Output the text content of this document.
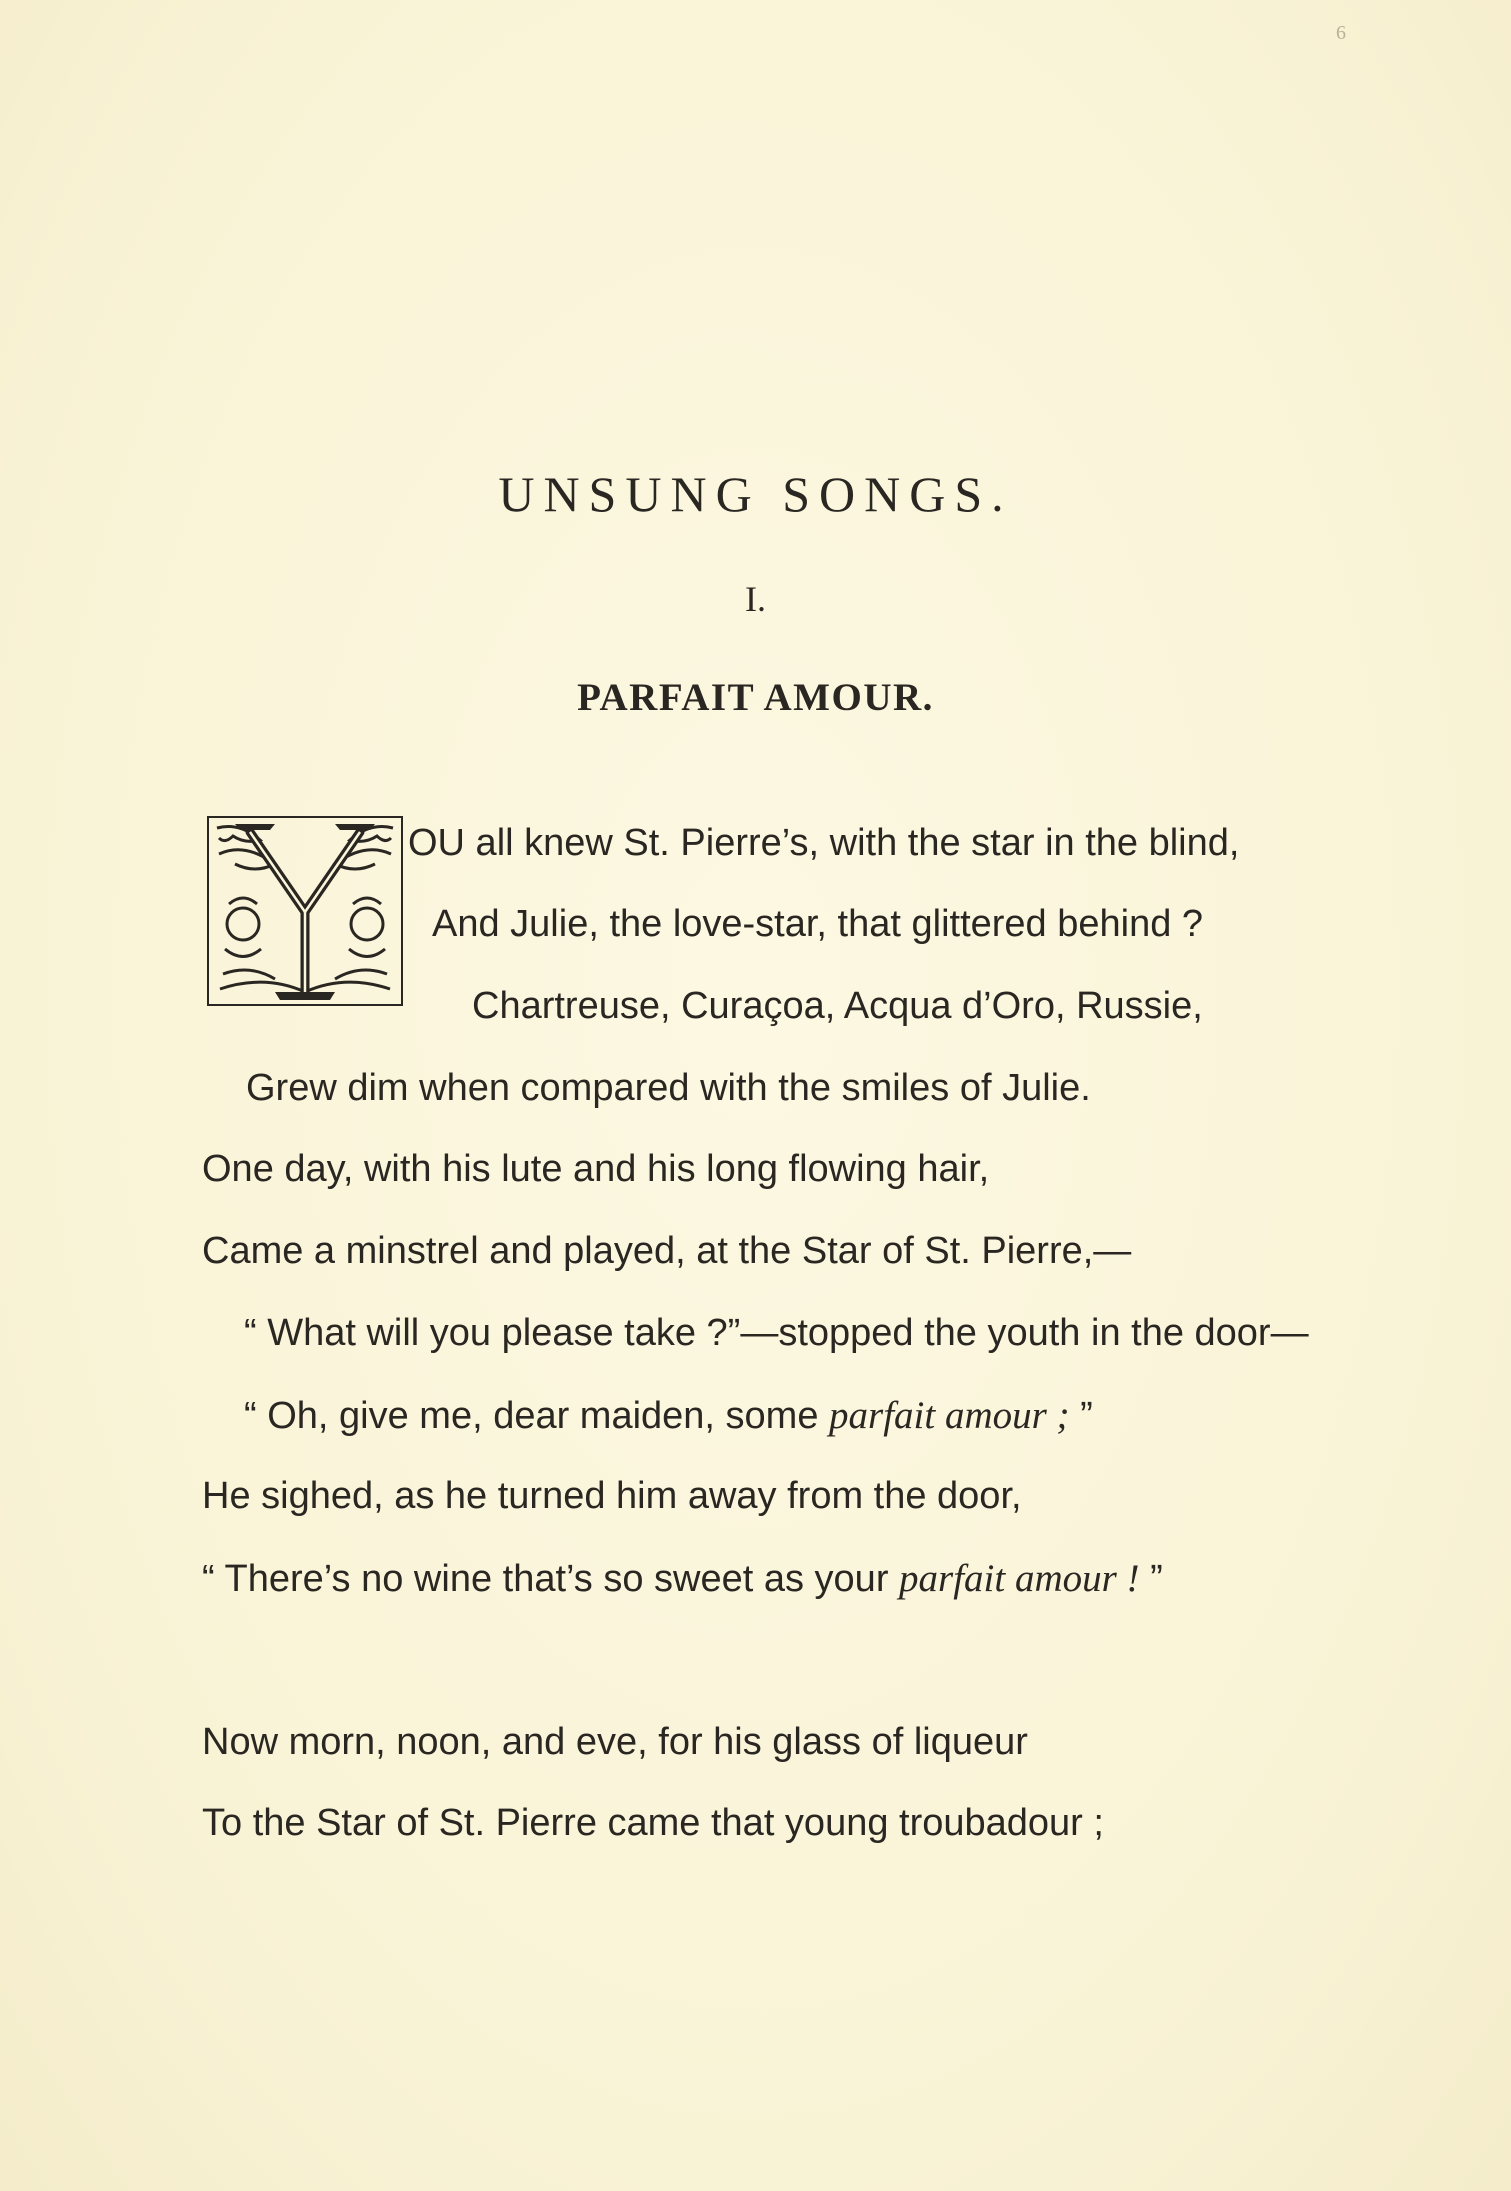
6
UNSUNG SONGS.
I.
PARFAIT AMOUR.

OU all knew St. Pierre’s, with the star in the blind,

And Julie, the love-star, that glittered behind ?

Chartreuse, Curaçoa, Acqua d’Oro, Russie,

Grew dim when compared with the smiles of Julie.

One day, with his lute and his long flowing hair,

Came a minstrel and played, at the Star of St. Pierre,—

“ What will you please take ?”—stopped the youth in the door—

“ Oh, give me, dear maiden, some parfait amour ; ”

He sighed, as he turned him away from the door,

“ There’s no wine that’s so sweet as your parfait amour ! ”

Now morn, noon, and eve, for his glass of liqueur

To the Star of St. Pierre came that young troubadour ;
